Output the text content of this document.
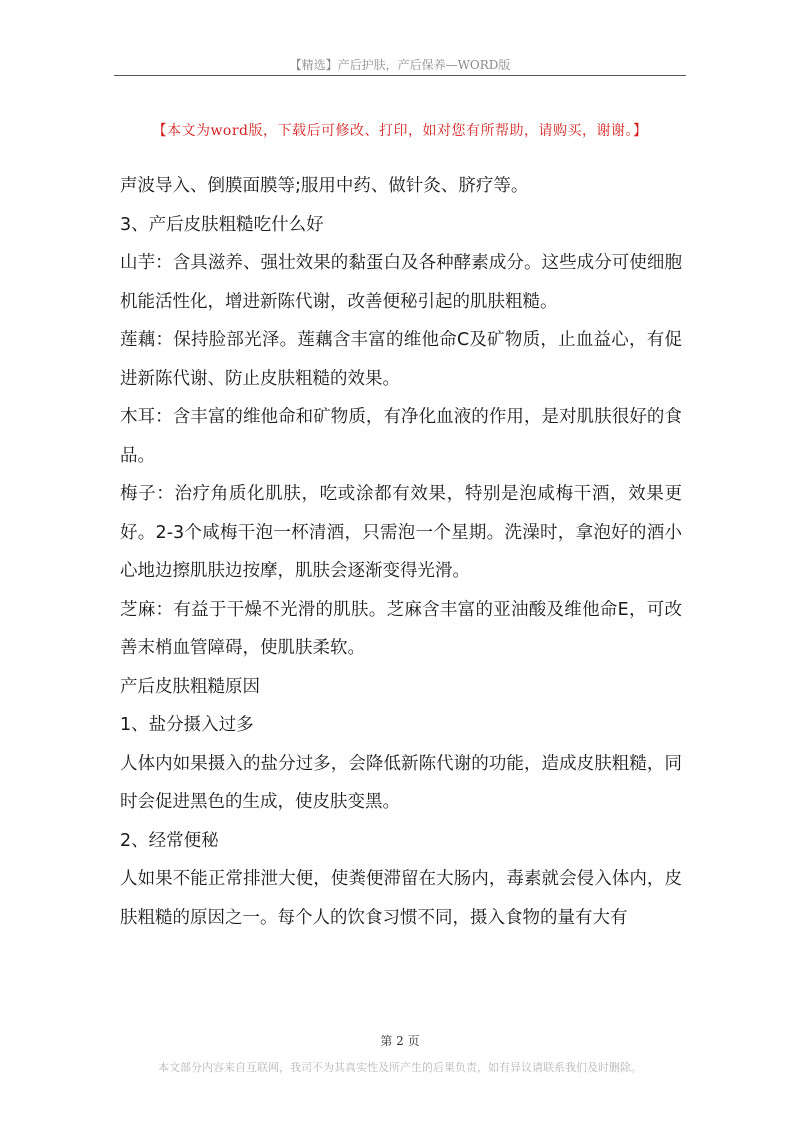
【精选】产后护肤，产后保养—WORD版
【本文为word版，下载后可修改、打印，如对您有所帮助，请购买，谢谢。】

声波导入、倒膜面膜等;服用中药、做针灸、脐疗等。

3、产后皮肤粗糙吃什么好

山芋：含具滋养、强壮效果的黏蛋白及各种酵素成分。这些成分可使细胞机能活性化，增进新陈代谢，改善便秘引起的肌肤粗糙。

莲藕：保持脸部光泽。莲藕含丰富的维他命C及矿物质，止血益心，有促进新陈代谢、防止皮肤粗糙的效果。

木耳：含丰富的维他命和矿物质，有净化血液的作用，是对肌肤很好的食品。

梅子：治疗角质化肌肤，吃或涂都有效果，特别是泡咸梅干酒，效果更好。2-3个咸梅干泡一杯清酒，只需泡一个星期。洗澡时，拿泡好的酒小心地边擦肌肤边按摩，肌肤会逐渐变得光滑。

芝麻：有益于干燥不光滑的肌肤。芝麻含丰富的亚油酸及维他命E，可改善末梢血管障碍，使肌肤柔软。

产后皮肤粗糙原因

1、盐分摄入过多

人体内如果摄入的盐分过多，会降低新陈代谢的功能，造成皮肤粗糙，同时会促进黑色的生成，使皮肤变黑。

2、经常便秘

人如果不能正常排泄大便，使粪便滞留在大肠内，毒素就会侵入体内，皮肤粗糙的原因之一。每个人的饮食习惯不同，摄入食物的量有大有

第 2 页
本文部分内容来自互联网，我司不为其真实性及所产生的后果负责，如有异议请联系我们及时删除。
